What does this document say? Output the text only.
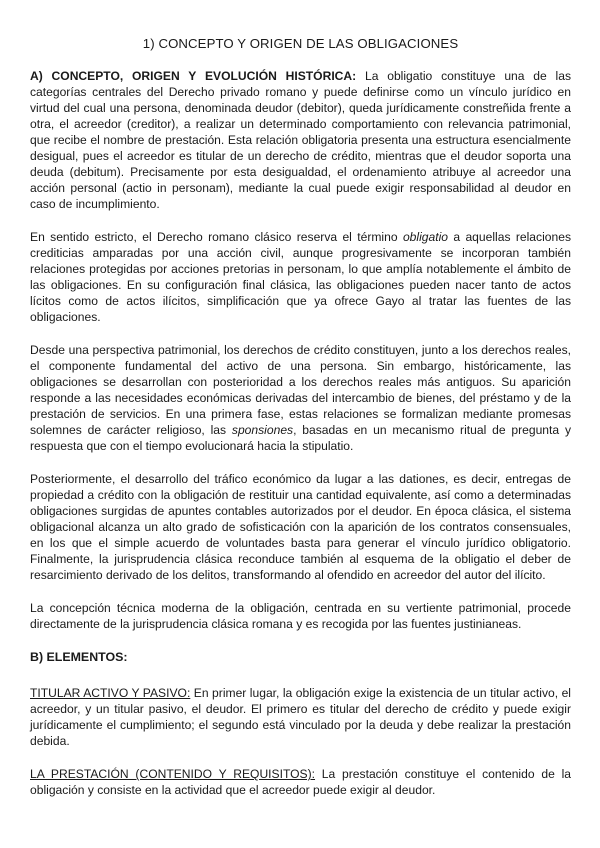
1) CONCEPTO Y ORIGEN DE LAS OBLIGACIONES

A) CONCEPTO, ORIGEN Y EVOLUCIÓN HISTÓRICA: La obligatio constituye una de las categorías centrales del Derecho privado romano y puede definirse como un vínculo jurídico en virtud del cual una persona, denominada deudor (debitor), queda jurídicamente constreñida frente a otra, el acreedor (creditor), a realizar un determinado comportamiento con relevancia patrimonial, que recibe el nombre de prestación. Esta relación obligatoria presenta una estructura esencialmente desigual, pues el acreedor es titular de un derecho de crédito, mientras que el deudor soporta una deuda (debitum). Precisamente por esta desigualdad, el ordenamiento atribuye al acreedor una acción personal (actio in personam), mediante la cual puede exigir responsabilidad al deudor en caso de incumplimiento.

En sentido estricto, el Derecho romano clásico reserva el término obligatio a aquellas relaciones crediticias amparadas por una acción civil, aunque progresivamente se incorporan también relaciones protegidas por acciones pretorias in personam, lo que amplía notablemente el ámbito de las obligaciones. En su configuración final clásica, las obligaciones pueden nacer tanto de actos lícitos como de actos ilícitos, simplificación que ya ofrece Gayo al tratar las fuentes de las obligaciones.

Desde una perspectiva patrimonial, los derechos de crédito constituyen, junto a los derechos reales, el componente fundamental del activo de una persona. Sin embargo, históricamente, las obligaciones se desarrollan con posterioridad a los derechos reales más antiguos. Su aparición responde a las necesidades económicas derivadas del intercambio de bienes, del préstamo y de la prestación de servicios. En una primera fase, estas relaciones se formalizan mediante promesas solemnes de carácter religioso, las sponsiones, basadas en un mecanismo ritual de pregunta y respuesta que con el tiempo evolucionará hacia la stipulatio.

Posteriormente, el desarrollo del tráfico económico da lugar a las dationes, es decir, entregas de propiedad a crédito con la obligación de restituir una cantidad equivalente, así como a determinadas obligaciones surgidas de apuntes contables autorizados por el deudor. En época clásica, el sistema obligacional alcanza un alto grado de sofisticación con la aparición de los contratos consensuales, en los que el simple acuerdo de voluntades basta para generar el vínculo jurídico obligatorio. Finalmente, la jurisprudencia clásica reconduce también al esquema de la obligatio el deber de resarcimiento derivado de los delitos, transformando al ofendido en acreedor del autor del ilícito.

La concepción técnica moderna de la obligación, centrada en su vertiente patrimonial, procede directamente de la jurisprudencia clásica romana y es recogida por las fuentes justinianeas.

B) ELEMENTOS:

TITULAR ACTIVO Y PASIVO: En primer lugar, la obligación exige la existencia de un titular activo, el acreedor, y un titular pasivo, el deudor. El primero es titular del derecho de crédito y puede exigir jurídicamente el cumplimiento; el segundo está vinculado por la deuda y debe realizar la prestación debida.

LA PRESTACIÓN (CONTENIDO Y REQUISITOS): La prestación constituye el contenido de la obligación y consiste en la actividad que el acreedor puede exigir al deudor.
